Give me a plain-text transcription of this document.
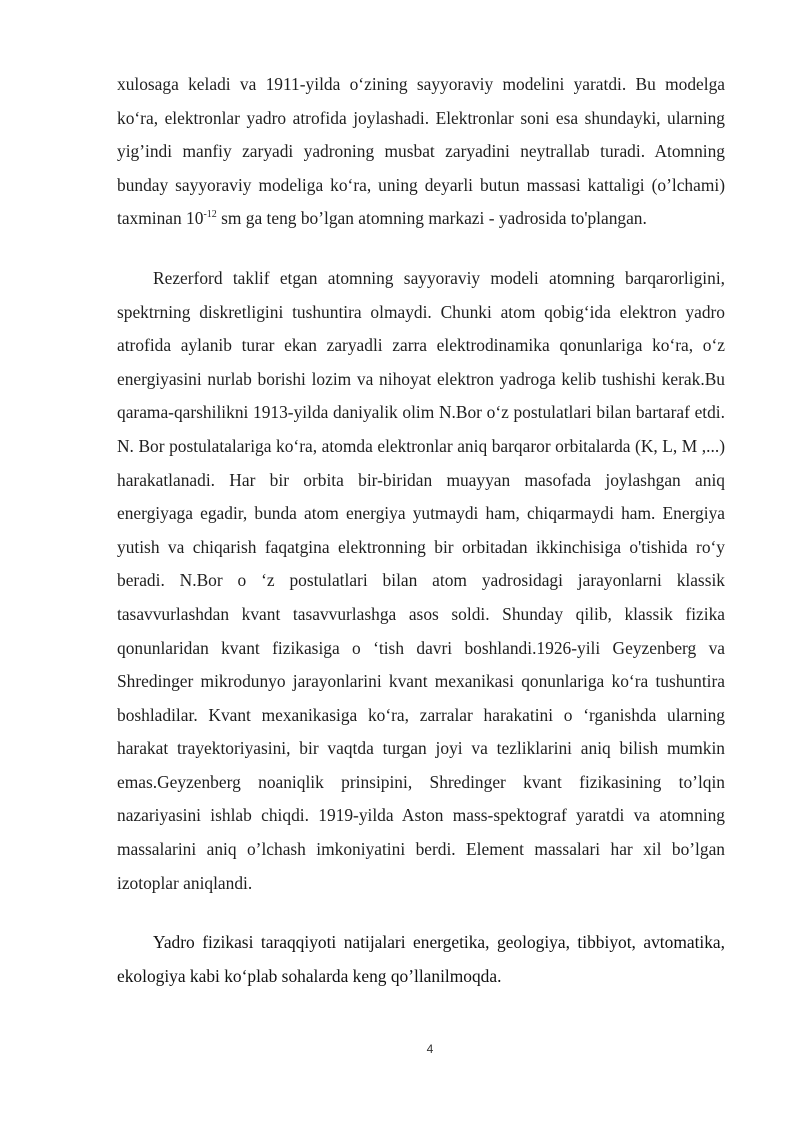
xulosaga keladi va 1911-yilda o‘zining sayyoraviy modelini yaratdi. Bu modelga ko‘ra, elektronlar yadro atrofida joylashadi. Elektronlar soni esa shundayki, ularning yig’indi manfiy zaryadi yadroning musbat zaryadini neytrallab turadi. Atomning bunday sayyoraviy modeliga ko‘ra, uning deyarli butun massasi kattaligi (o’lchami) taxminan $10^{-12}$ sm ga teng bo’lgan atomning markazi - yadrosida to'plangan.

Rezerford taklif etgan atomning sayyoraviy modeli atomning barqarorligini, spektrning diskretligini tushuntira olmaydi. Chunki atom qobig‘ida elektron yadro atrofida aylanib turar ekan zaryadli zarra elektrodinamika qonunlariga ko‘ra, o‘z energiyasini nurlab borishi lozim va nihoyat elektron yadroga kelib tushishi kerak.Bu qarama-qarshilikni 1913-yilda daniyalik olim N.Bor o‘z postulatlari bilan bartaraf etdi. N. Bor postulatalariga ko‘ra, atomda elektronlar aniq barqaror orbitalarda (K, L, M ,...) harakatlanadi. Har bir orbita bir-biridan muayyan masofada joylashgan aniq energiyaga egadir, bunda atom energiya yutmaydi ham, chiqarmaydi ham. Energiya yutish va chiqarish faqatgina elektronning bir orbitadan ikkinchisiga o'tishida ro‘y beradi. N.Bor o ‘z postulatlari bilan atom yadrosidagi jarayonlarni klassik tasavvurlashdan kvant tasavvurlashga asos soldi. Shunday qilib, klassik fizika qonunlaridan kvant fizikasiga o ‘tish davri boshlandi.1926-yili Geyzenberg va Shredinger mikrodunyo jarayonlarini kvant mexanikasi qonunlariga ko‘ra tushuntira boshladilar. Kvant mexanikasiga ko‘ra, zarralar harakatini o ‘rganishda ularning harakat trayektoriyasini, bir vaqtda turgan joyi va tezliklarini aniq bilish mumkin emas.Geyzenberg noaniqlik prinsipini, Shredinger kvant fizikasining to’lqin nazariyasini ishlab chiqdi. 1919-yilda Aston mass-spektograf yaratdi va atomning massalarini aniq o’lchash imkoniyatini berdi. Element massalari har xil bo’lgan izotoplar aniqlandi.

Yadro fizikasi taraqqiyoti natijalari energetika, geologiya, tibbiyot, avtomatika, ekologiya kabi ko‘plab sohalarda keng qo’llanilmoqda.

4
